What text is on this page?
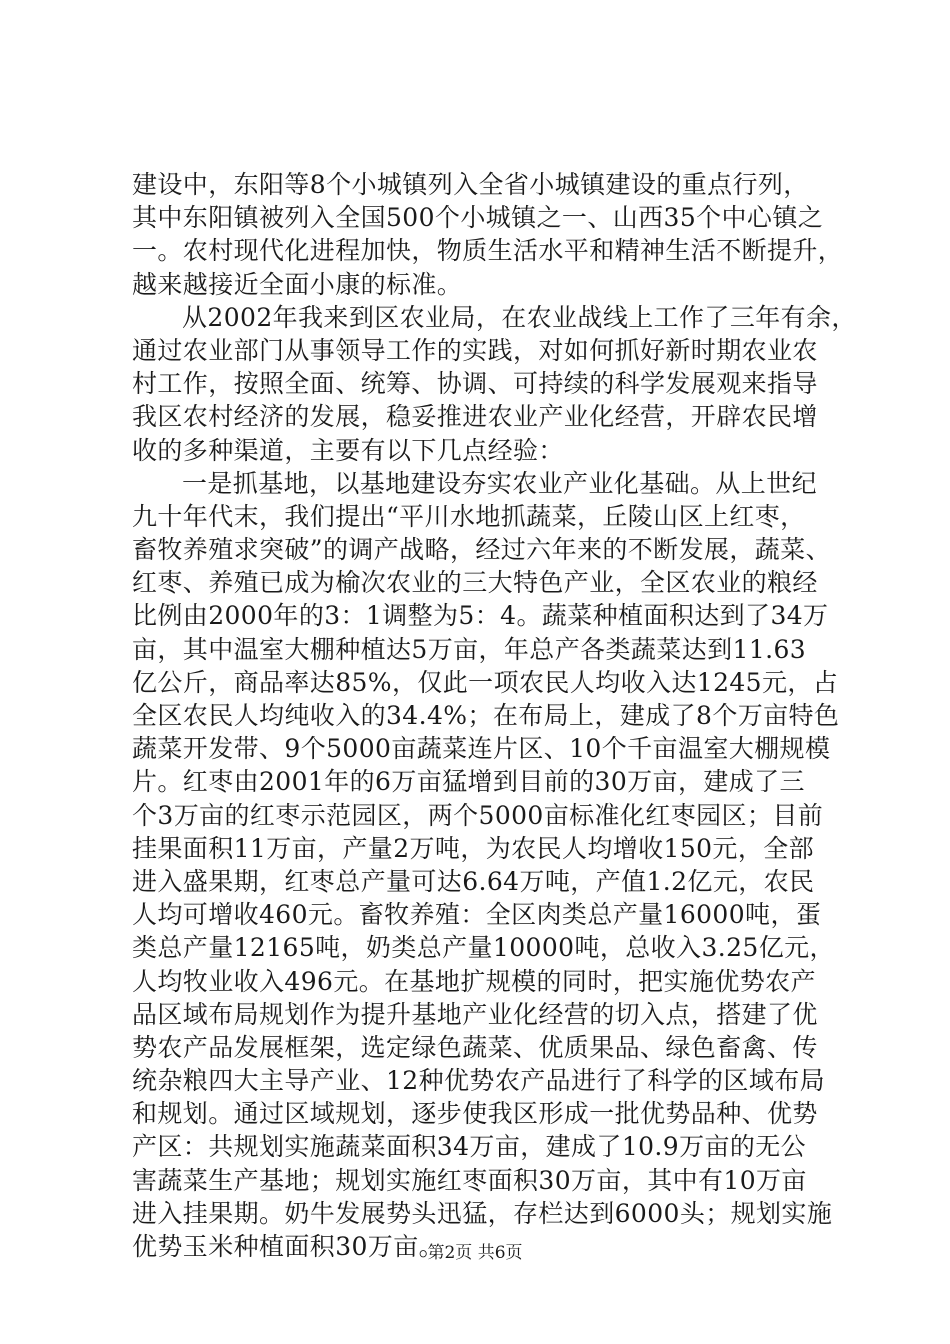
建设中，东阳等8个小城镇列入全省小城镇建设的重点行列，
其中东阳镇被列入全国500个小城镇之一、山西35个中心镇之
一。农村现代化进程加快，物质生活水平和精神生活不断提升，
越来越接近全面小康的标准。

从2002年我来到区农业局，在农业战线上工作了三年有余，
通过农业部门从事领导工作的实践，对如何抓好新时期农业农
村工作，按照全面、统筹、协调、可持续的科学发展观来指导
我区农村经济的发展，稳妥推进农业产业化经营，开辟农民增
收的多种渠道，主要有以下几点经验：

一是抓基地，以基地建设夯实农业产业化基础。从上世纪
九十年代末，我们提出“平川水地抓蔬菜，丘陵山区上红枣，
畜牧养殖求突破”的调产战略，经过六年来的不断发展，蔬菜、
红枣、养殖已成为榆次农业的三大特色产业，全区农业的粮经
比例由2000年的3：1调整为5：4。蔬菜种植面积达到了34万
亩，其中温室大棚种植达5万亩，年总产各类蔬菜达到11.63
亿公斤，商品率达85%，仅此一项农民人均收入达1245元，占
全区农民人均纯收入的34.4%；在布局上，建成了8个万亩特色
蔬菜开发带、9个5000亩蔬菜连片区、10个千亩温室大棚规模
片。红枣由2001年的6万亩猛增到目前的30万亩，建成了三
个3万亩的红枣示范园区，两个5000亩标准化红枣园区；目前
挂果面积11万亩，产量2万吨，为农民人均增收150元，全部
进入盛果期，红枣总产量可达6.64万吨，产值1.2亿元，农民
人均可增收460元。畜牧养殖：全区肉类总产量16000吨，蛋
类总产量12165吨，奶类总产量10000吨，总收入3.25亿元，
人均牧业收入496元。在基地扩规模的同时，把实施优势农产
品区域布局规划作为提升基地产业化经营的切入点，搭建了优
势农产品发展框架，选定绿色蔬菜、优质果品、绿色畜禽、传
统杂粮四大主导产业、12种优势农产品进行了科学的区域布局
和规划。通过区域规划，逐步使我区形成一批优势品种、优势
产区：共规划实施蔬菜面积34万亩，建成了10.9万亩的无公
害蔬菜生产基地；规划实施红枣面积30万亩，其中有10万亩
进入挂果期。奶牛发展势头迅猛，存栏达到6000头；规划实施
优势玉米种植面积30万亩。

第2页 共6页
